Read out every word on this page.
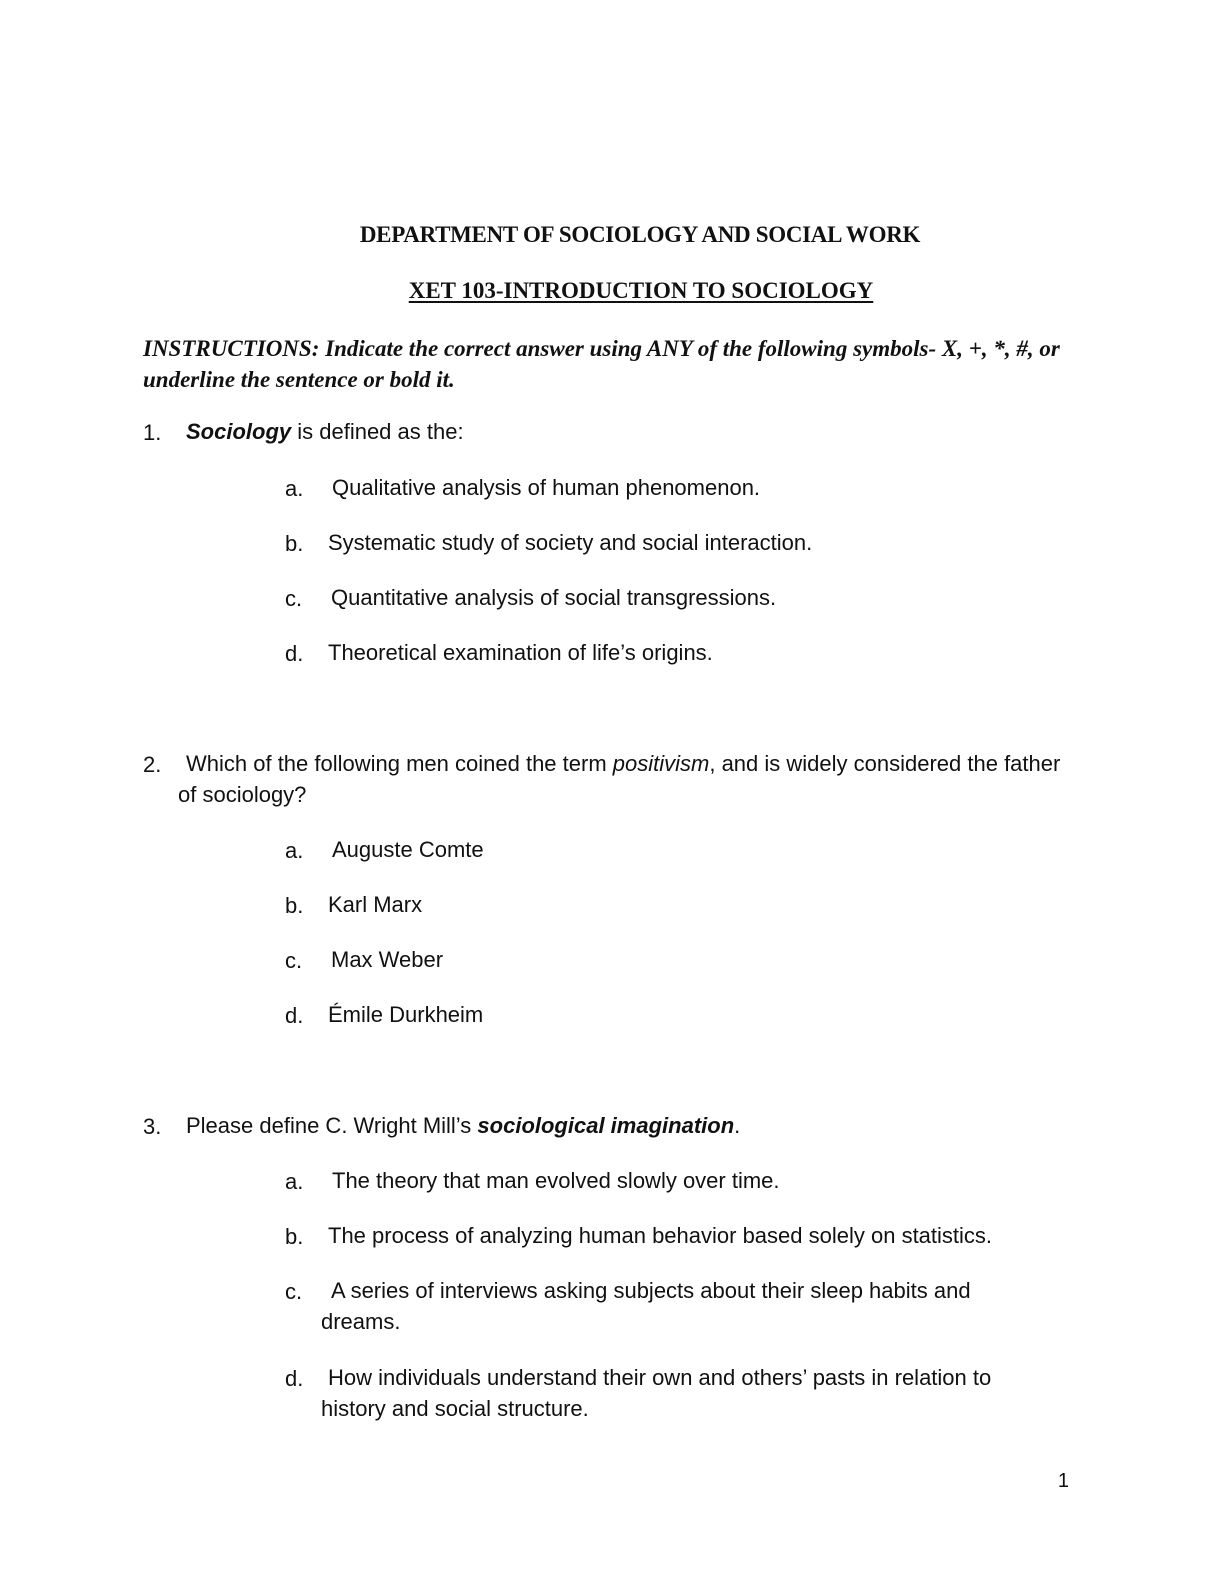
DEPARTMENT OF SOCIOLOGY AND SOCIAL WORK
XET 103-INTRODUCTION TO SOCIOLOGY
INSTRUCTIONS: Indicate the correct answer using ANY of the following symbols- X, +, *, #, or underline the sentence or bold it.
1. Sociology is defined as the:
a. Qualitative analysis of human phenomenon.
b. Systematic study of society and social interaction.
c. Quantitative analysis of social transgressions.
d. Theoretical examination of life’s origins.
2.	Which of the following men coined the term positivism, and is widely considered the father of sociology?
a. Auguste Comte
b. Karl Marx
c. Max Weber
d. Émile Durkheim
3. Please define C. Wright Mill’s sociological imagination.
a. The theory that man evolved slowly over time.
b. The process of analyzing human behavior based solely on statistics.
c.	A series of interviews asking subjects about their sleep habits and dreams.
d.	How individuals understand their own and others’ pasts in relation to history and social structure.
1
